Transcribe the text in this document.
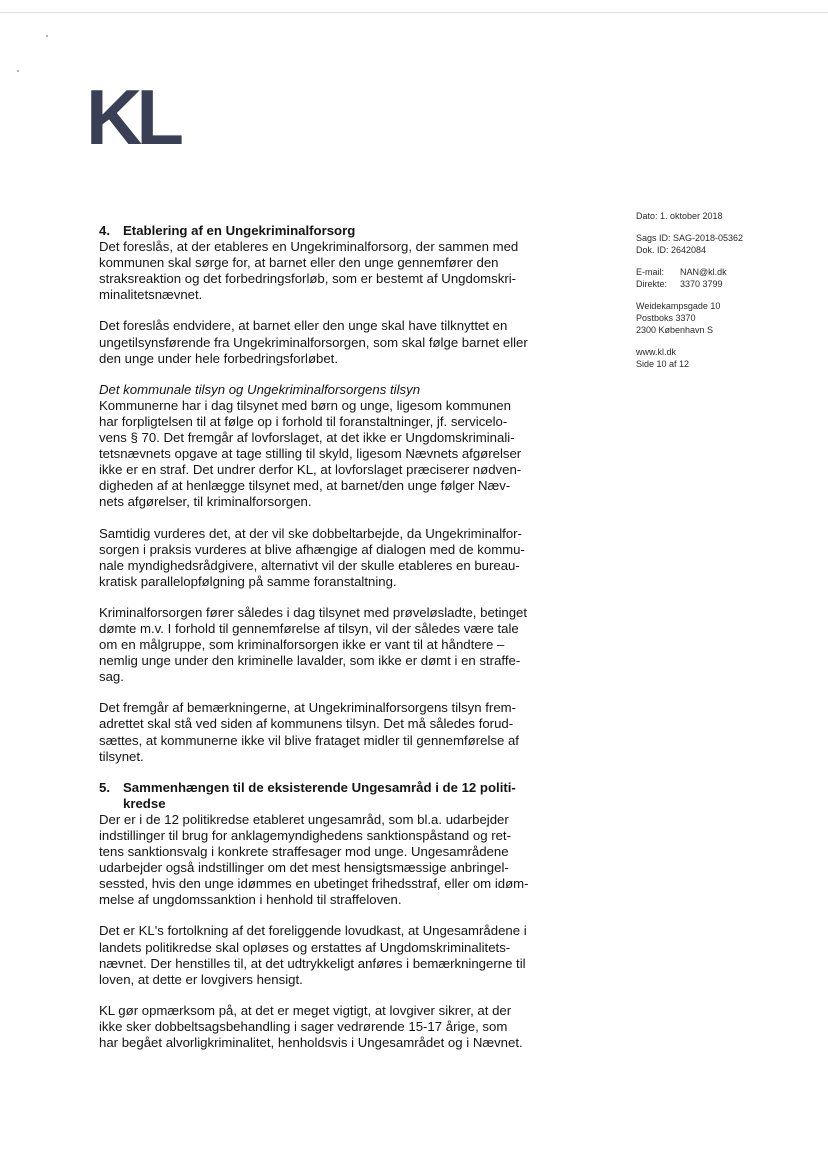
KL
Dato: 1. oktober 2018
Sags ID: SAG-2018-05362
Dok. ID: 2642084
E-mail: NAN@kl.dk
Direkte: 3370 3799
Weidekampsgade 10
Postboks 3370
2300 København S
www.kl.dk
Side 10 af 12
4. Etablering af en Ungekriminalforsorg
Det foreslås, at der etableres en Ungekriminalforsorg, der sammen med
kommunen skal sørge for, at barnet eller den unge gennemfører den
straksreaktion og det forbedringsforløb, som er bestemt af Ungdomskri-
minalitetsnævnet.
Det foreslås endvidere, at barnet eller den unge skal have tilknyttet en
ungetilsynsførende fra Ungekriminalforsorgen, som skal følge barnet eller
den unge under hele forbedringsforløbet.
Det kommunale tilsyn og Ungekriminalforsorgens tilsyn
Kommunerne har i dag tilsynet med børn og unge, ligesom kommunen
har forpligtelsen til at følge op i forhold til foranstaltninger, jf. servicelo-
vens § 70. Det fremgår af lovforslaget, at det ikke er Ungdomskriminali-
tetsnævnets opgave at tage stilling til skyld, ligesom Nævnets afgørelser
ikke er en straf. Det undrer derfor KL, at lovforslaget præciserer nødven-
digheden af at henlægge tilsynet med, at barnet/den unge følger Næv-
nets afgørelser, til kriminalforsorgen.
Samtidig vurderes det, at der vil ske dobbeltarbejde, da Ungekriminalfor-
sorgen i praksis vurderes at blive afhængige af dialogen med de kommu-
nale myndighedsrådgivere, alternativt vil der skulle etableres en bureau-
kratisk parallelopfølgning på samme foranstaltning.
Kriminalforsorgen fører således i dag tilsynet med prøveløsladte, betinget
dømte m.v. I forhold til gennemførelse af tilsyn, vil der således være tale
om en målgruppe, som kriminalforsorgen ikke er vant til at håndtere –
nemlig unge under den kriminelle lavalder, som ikke er dømt i en straffe-
sag.
Det fremgår af bemærkningerne, at Ungekriminalforsorgens tilsyn frem-
adrettet skal stå ved siden af kommunens tilsyn. Det må således forud-
sættes, at kommunerne ikke vil blive frataget midler til gennemførelse af
tilsynet.
5. Sammenhængen til de eksisterende Ungesamråd i de 12 politi-
kredse
Der er i de 12 politikredse etableret ungesamråd, som bl.a. udarbejder
indstillinger til brug for anklagemyndighedens sanktionspåstand og ret-
tens sanktionsvalg i konkrete straffesager mod unge. Ungesamrådene
udarbejder også indstillinger om det mest hensigtsmæssige anbringel-
sessted, hvis den unge idømmes en ubetinget frihedsstraf, eller om idøm-
melse af ungdomssanktion i henhold til straffeloven.
Det er KL's fortolkning af det foreliggende lovudkast, at Ungesamrådene i
landets politikredse skal opløses og erstattes af Ungdomskriminalitets-
nævnet. Der henstilles til, at det udtrykkeligt anføres i bemærkningerne til
loven, at dette er lovgivers hensigt.
KL gør opmærksom på, at det er meget vigtigt, at lovgiver sikrer, at der
ikke sker dobbeltsagsbehandling i sager vedrørende 15-17 årige, som
har begået alvorligkriminalitet, henholdsvis i Ungesamrådet og i Nævnet.
